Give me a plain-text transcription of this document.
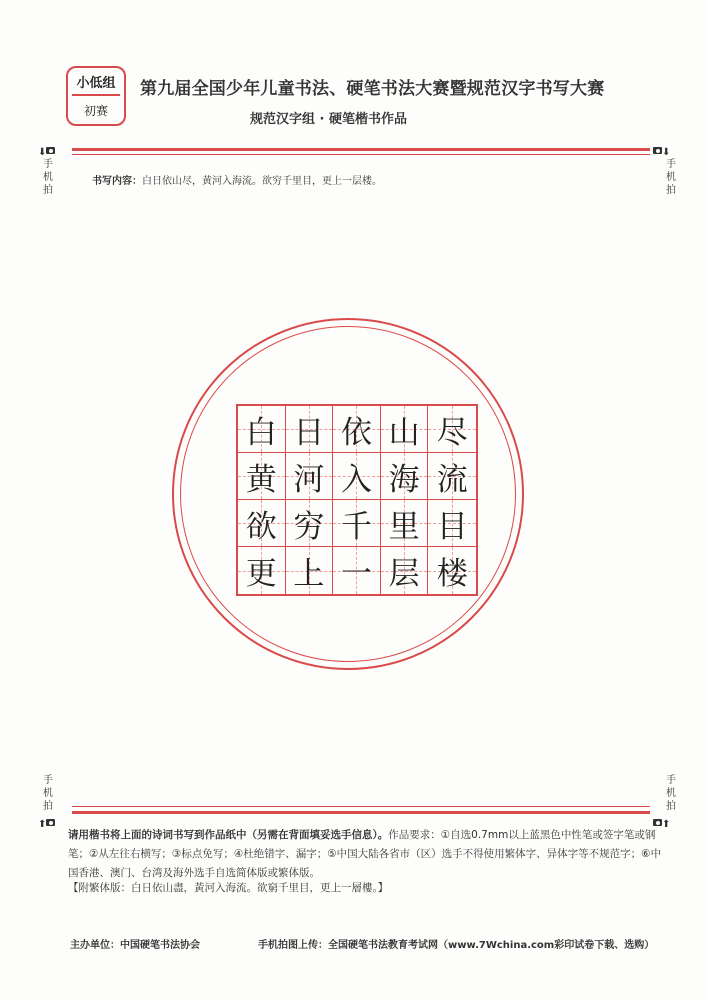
小低组
初赛
第九届全国少年儿童书法、硬笔书法大赛暨规范汉字书写大赛
规范汉字组 · 硬笔楷书作品
⬇
手机拍
⬇
手机拍
书写内容：白日依山尽，黄河入海流。欲穷千里目，更上一层楼。
白 日 依 山 尽
黄 河 入 海 流
欲 穷 千 里 目
更 上 一 层 楼
手机拍
⬆
手机拍
⬆
请用楷书将上面的诗词书写到作品纸中（另需在背面填妥选手信息）。作品要求：①自选0.7mm以上蓝黑色中性笔或签字笔或钢笔；②从左往右横写；③标点免写；④杜绝错字、漏字；⑤中国大陆各省市（区）选手不得使用繁体字、异体字等不规范字；⑥中国香港、澳门、台湾及海外选手自选简体版或繁体版。
【附繁体版：白日依山盡，黃河入海流。欲窮千里目，更上一層樓。】
主办单位：中国硬笔书法协会	手机拍图上传：全国硬笔书法教育考试网（www.7Wchina.com彩印试卷下载、选购）
